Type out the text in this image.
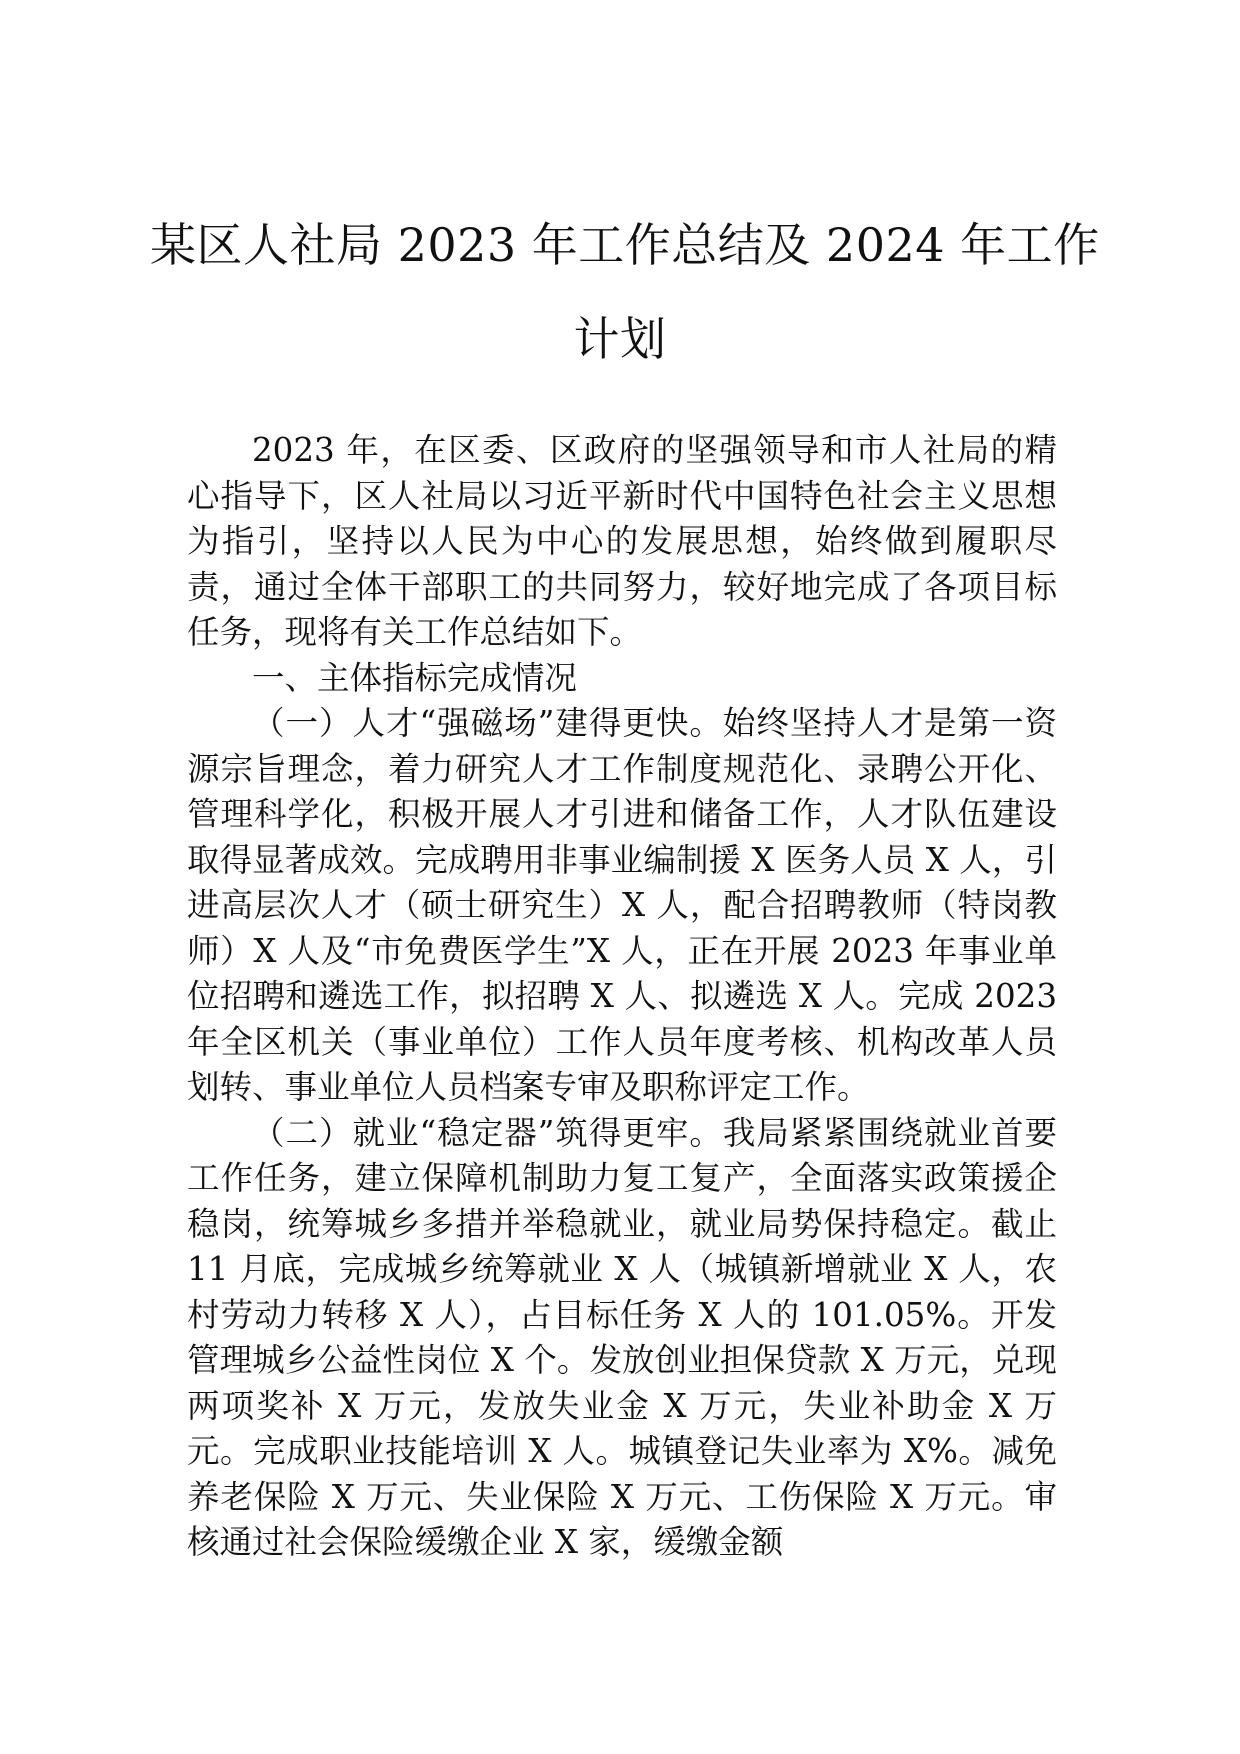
某区人社局 2023 年工作总结及 2024 年工作
计划

2023 年，在区委、区政府的坚强领导和市人社局的精心指导下，区人社局以习近平新时代中国特色社会主义思想为指引，坚持以人民为中心的发展思想，始终做到履职尽责，通过全体干部职工的共同努力，较好地完成了各项目标任务，现将有关工作总结如下。

一、主体指标完成情况

（一）人才“强磁场”建得更快。始终坚持人才是第一资源宗旨理念，着力研究人才工作制度规范化、录聘公开化、管理科学化，积极开展人才引进和储备工作，人才队伍建设取得显著成效。完成聘用非事业编制援 X 医务人员 X 人，引进高层次人才（硕士研究生）X 人，配合招聘教师（特岗教师）X 人及“市免费医学生”X 人，正在开展 2023 年事业单位招聘和遴选工作，拟招聘 X 人、拟遴选 X 人。完成 2023 年全区机关（事业单位）工作人员年度考核、机构改革人员划转、事业单位人员档案专审及职称评定工作。

（二）就业“稳定器”筑得更牢。我局紧紧围绕就业首要工作任务，建立保障机制助力复工复产，全面落实政策援企稳岗，统筹城乡多措并举稳就业，就业局势保持稳定。截止 11 月底，完成城乡统筹就业 X 人（城镇新增就业 X 人，农村劳动力转移 X 人），占目标任务 X 人的 101.05%。开发管理城乡公益性岗位 X 个。发放创业担保贷款 X 万元，兑现两项奖补 X 万元，发放失业金 X 万元，失业补助金 X 万元。完成职业技能培训 X 人。城镇登记失业率为 X%。减免养老保险 X 万元、失业保险 X 万元、工伤保险 X 万元。审核通过社会保险缓缴企业 X 家，缓缴金额
